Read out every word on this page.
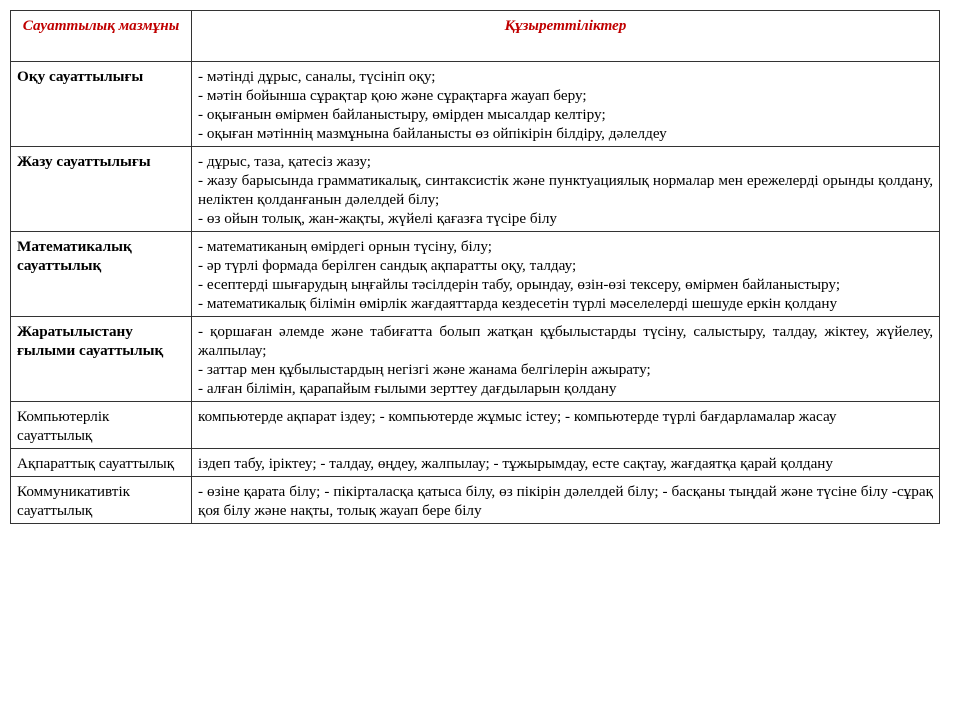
Сауаттылық мазмұны	Құзыреттіліктер
Оқу сауаттылығы	- мәтінді дұрыс, саналы, түсініп оқу;
- мәтін бойынша сұрақтар қою және сұрақтарға жауап беру;
- оқығанын өмірмен байланыстыру, өмірден мысалдар келтіру;
- оқыған мәтіннің мазмұнына байланысты өз ойпікірін білдіру, дәлелдеу

Жазу сауаттылығы	- дұрыс, таза, қатесіз жазу;
- жазу барысында грамматикалық, синтаксистік және пунктуациялық нормалар мен ережелерді орынды қолдану, неліктен қолданғанын дәлелдей білу;
- өз ойын толық, жан-жақты, жүйелі қағазға түсіре білу

Математикалық сауаттылық	- математиканың өмірдегі орнын түсіну, білу;
- әр түрлі формада берілген сандық ақпаратты оқу, талдау;
- есептерді шығарудың ыңғайлы тәсілдерін табу, орындау, өзін-өзі тексеру, өмірмен байланыстыру;
- математикалық білімін өмірлік жағдаяттарда кездесетін түрлі мәселелерді шешуде еркін қолдану

Жаратылыстану ғылыми сауаттылық	- қоршаған әлемде және табиғатта болып жатқан құбылыстарды түсіну, салыстыру, талдау, жіктеу, жүйелеу, жалпылау;
- заттар мен құбылыстардың негізгі және жанама белгілерін ажырату;
- алған білімін, қарапайым ғылыми зерттеу дағдыларын қолдану

Компьютерлік сауаттылық	компьютерде ақпарат іздеу; - компьютерде жұмыс істеу; - компьютерде түрлі бағдарламалар жасау

Ақпараттық сауаттылық	іздеп табу, іріктеу; - талдау, өңдеу, жалпылау; - тұжырымдау, есте сақтау, жағдаятқа қарай қолдану

Коммуникативтік сауаттылық	- өзіне қарата білу; - пікірталасқа қатыса білу, өз пікірін дәлелдей білу; - басқаны тыңдай және түсіне білу -сұрақ қоя білу және нақты, толық жауап бере білу
